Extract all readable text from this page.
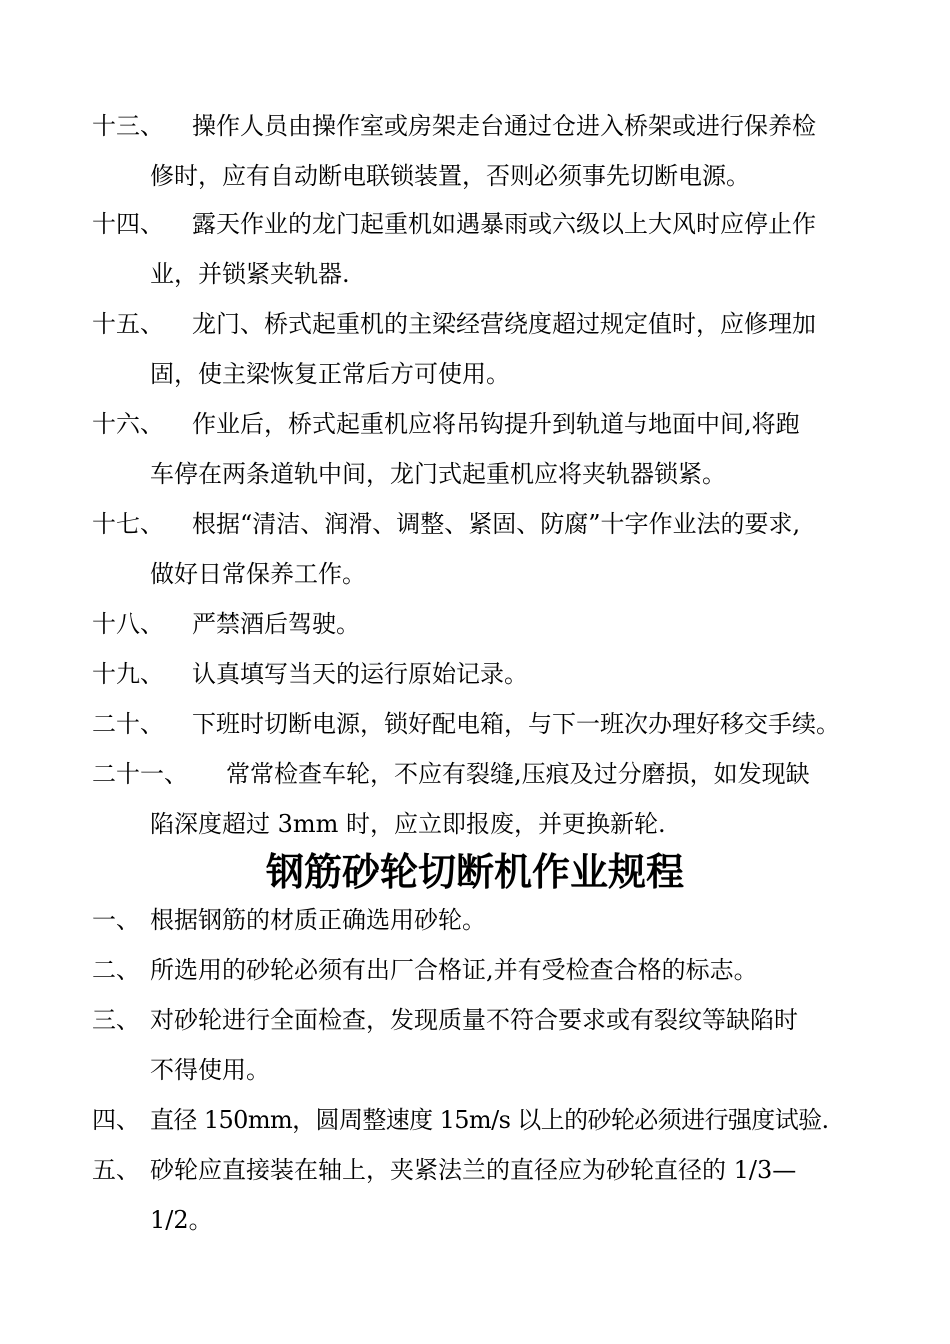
十三、 操作人员由操作室或房架走台通过仓进入桥架或进行保养检
修时，应有自动断电联锁装置，否则必须事先切断电源。
十四、 露天作业的龙门起重机如遇暴雨或六级以上大风时应停止作
业，并锁紧夹轨器.
十五、 龙门、桥式起重机的主梁经营绕度超过规定值时，应修理加
固，使主梁恢复正常后方可使用。
十六、 作业后，桥式起重机应将吊钩提升到轨道与地面中间,将跑
车停在两条道轨中间，龙门式起重机应将夹轨器锁紧。
十七、 根据“清洁、润滑、调整、紧固、防腐”十字作业法的要求,
做好日常保养工作。
十八、 严禁酒后驾驶。
十九、 认真填写当天的运行原始记录。
二十、 下班时切断电源，锁好配电箱，与下一班次办理好移交手续。
二十一、 常常检查车轮，不应有裂缝,压痕及过分磨损，如发现缺
陷深度超过 3mm 时，应立即报废，并更换新轮.
钢筋砂轮切断机作业规程
一、 根据钢筋的材质正确选用砂轮。
二、 所选用的砂轮必须有出厂合格证,并有受检查合格的标志。
三、 对砂轮进行全面检查，发现质量不符合要求或有裂纹等缺陷时
不得使用。
四、 直径 150mm，圆周整速度 15m/s 以上的砂轮必须进行强度试验.
五、 砂轮应直接装在轴上，夹紧法兰的直径应为砂轮直径的 1/3—
1/2。
